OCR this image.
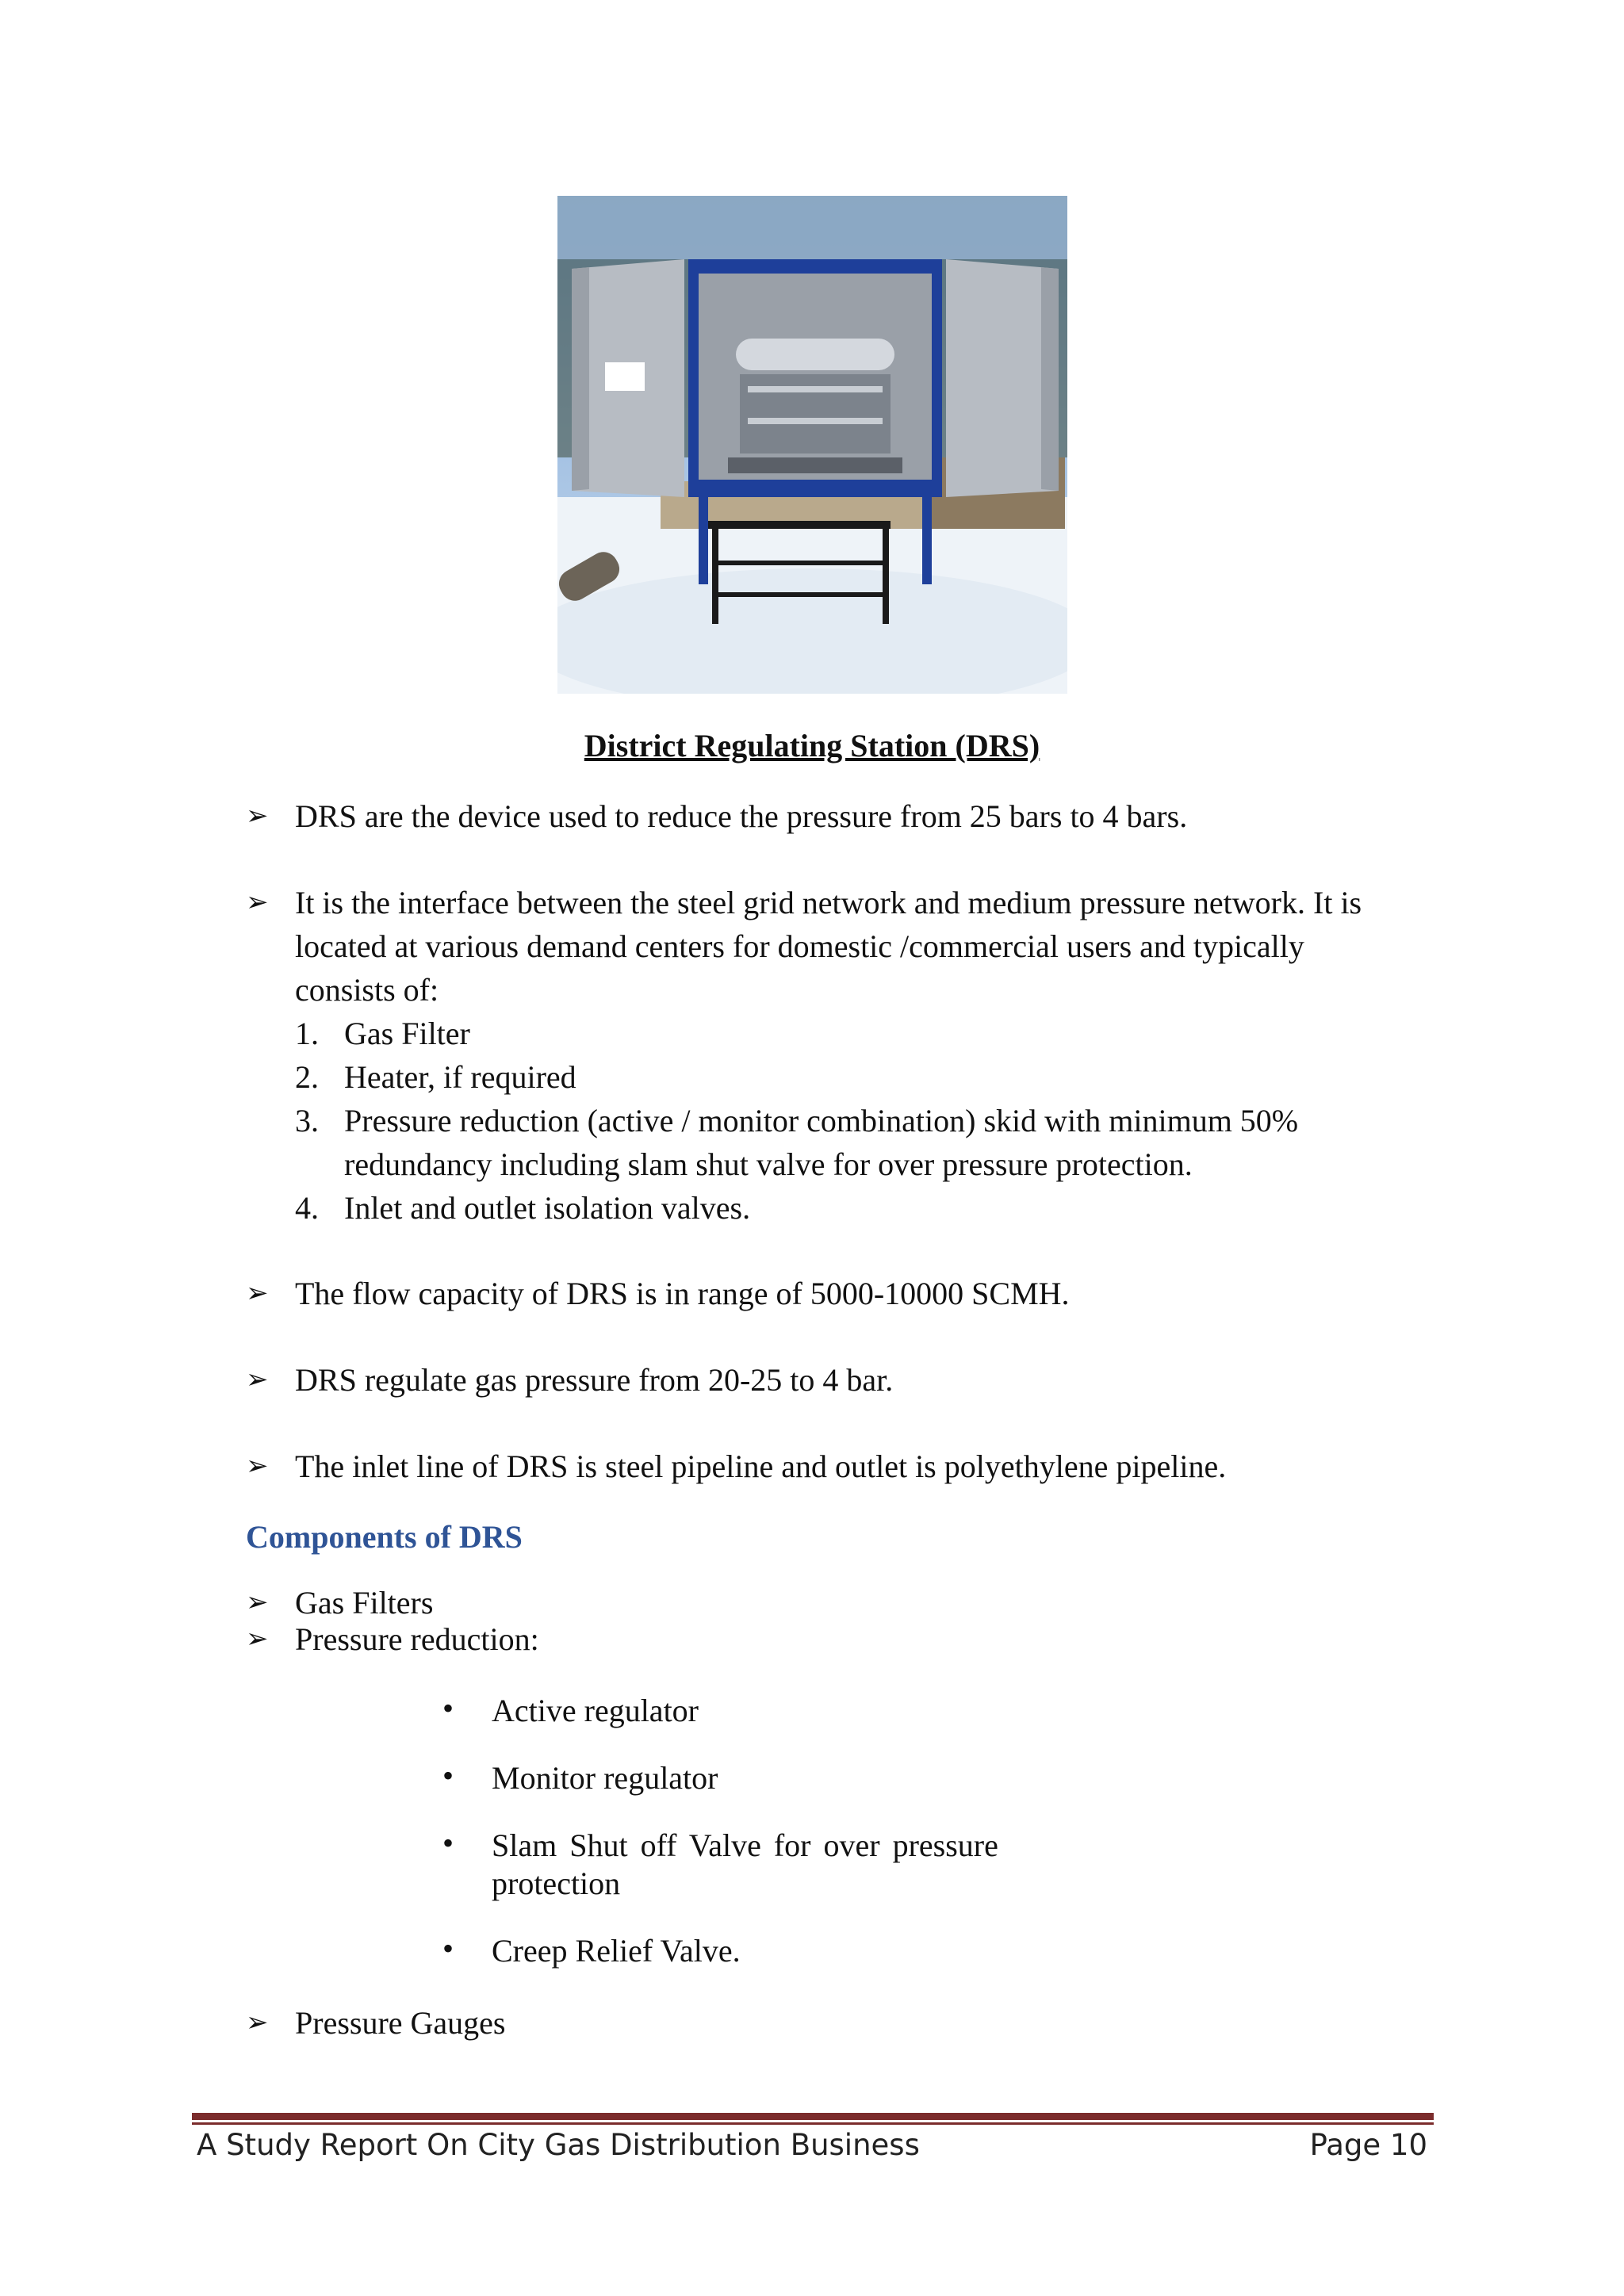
District Regulating Station (DRS)
➢ DRS are the device used to reduce the pressure from 25 bars to 4 bars.
➢ It is the interface between the steel grid network and medium pressure network. It is
located at various demand centers for domestic /commercial users and typically
consists of:
1. Gas Filter
2. Heater, if required
3. Pressure reduction (active / monitor combination) skid with minimum 50%
redundancy including slam shut valve for over pressure protection.
4. Inlet and outlet isolation valves.
➢ The flow capacity of DRS is in range of 5000-10000 SCMH.
➢ DRS regulate gas pressure from 20-25 to 4 bar.
➢ The inlet line of DRS is steel pipeline and outlet is polyethylene pipeline.
Components of DRS
➢ Gas Filters
➢ Pressure reduction:
• Active regulator
• Monitor regulator
• Slam Shut off Valve for over pressure
protection
• Creep Relief Valve.
➢ Pressure Gauges
A Study Report On City Gas Distribution Business	Page 10
